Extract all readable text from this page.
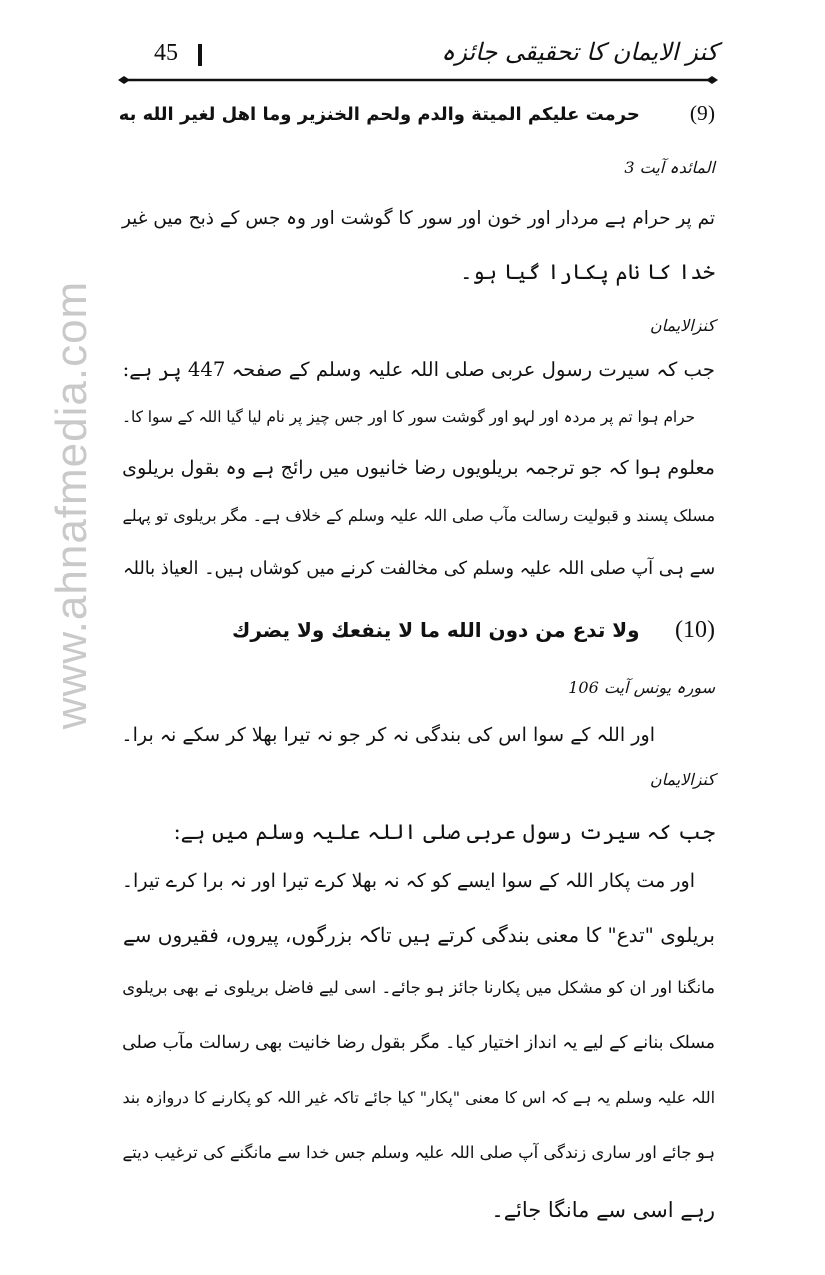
کنز الایمان کا تحقیقی جائزہ
45
www.ahnafmedia.com
(9)  حرمت علیکم المیتة والدم ولحم الخنزیر وما اهل لغیر الله به
المائدہ آیت 3
تم پر حرام ہے مردار اور خون اور سور کا گوشت اور وہ جس کے ذبح میں غیر
خدا کا نام پکارا گیا ہو۔
کنزالایمان
جب کہ سیرت رسول عربی صلی اللہ علیہ وسلم کے صفحہ 447 پر ہے:
حرام ہوا تم پر مردہ اور لہو اور گوشت سور کا اور جس چیز پر نام لیا گیا اللہ کے سوا کا۔
معلوم ہوا کہ جو ترجمہ بریلویوں رضا خانیوں میں رائج ہے وہ بقول بریلوی
مسلک پسند و قبولیت رسالت مآب صلی اللہ علیہ وسلم کے خلاف ہے۔ مگر بریلوی تو پہلے
سے ہی آپ صلی اللہ علیہ وسلم کی مخالفت کرنے میں کوشاں ہیں۔ العیاذ باللہ
(10)  ولا تدع من دون الله ما لا ینفعك ولا یضرك
سورہ یونس آیت 106
اور اللہ کے سوا اس کی بندگی نہ کر جو نہ تیرا بھلا کر سکے نہ برا۔
کنزالایمان
جب کہ سیرت رسول عربی صلی اللہ علیہ وسلم میں ہے:
اور مت پکار اللہ کے سوا ایسے کو کہ نہ بھلا کرے تیرا اور نہ برا کرے تیرا۔
بریلوی "تدع" کا معنی بندگی کرتے ہیں تاکہ بزرگوں، پیروں، فقیروں سے
مانگنا اور ان کو مشکل میں پکارنا جائز ہو جائے۔ اسی لیے فاضل بریلوی نے بھی بریلوی
مسلک بنانے کے لیے یہ انداز اختیار کیا۔ مگر بقول رضا خانیت بھی رسالت مآب صلی
اللہ علیہ وسلم یہ ہے کہ اس کا معنی "پکار" کیا جائے تاکہ غیر اللہ کو پکارنے کا دروازہ بند
ہو جائے اور ساری زندگی آپ صلی اللہ علیہ وسلم جس خدا سے مانگنے کی ترغیب دیتے
رہے اسی سے مانگا جائے۔
